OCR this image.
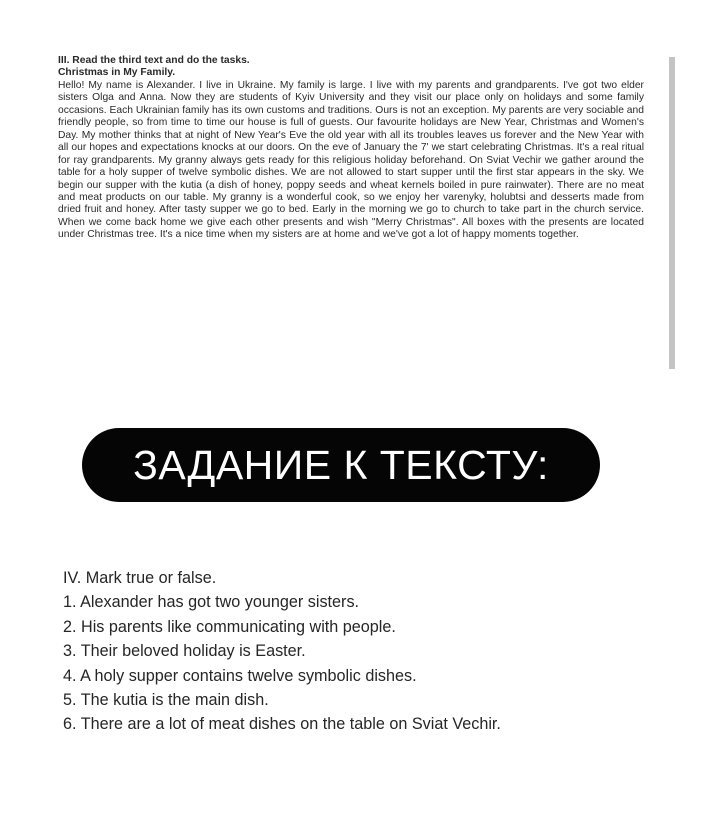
III. Read the third text and do the tasks.

Christmas in My Family.

Hello! My name is Alexander. I live in Ukraine. My family is large. I live with my parents and grandparents. I've got two elder sisters Olga and Anna. Now they are students of Kyiv University and they visit our place only on holidays and some family occasions. Each Ukrainian family has its own customs and traditions. Ours is not an exception. My parents are very sociable and friendly people, so from time to time our house is full of guests. Our favourite holidays are New Year, Christmas and Women's Day. My mother thinks that at night of New Year's Eve the old year with all its troubles leaves us forever and the New Year with all our hopes and expectations knocks at our doors. On the eve of January the 7' we start celebrating Christmas. It's a real ritual for ray grandparents. My granny always gets ready for this religious holiday beforehand. On Sviat Vechir we gather around the table for a holy supper of twelve symbolic dishes. We are not allowed to start supper until the first star appears in the sky. We begin our supper with the kutia (a dish of honey, poppy seeds and wheat kernels boiled in pure rainwater). There are no meat and meat products on our table. My granny is a wonderful cook, so we enjoy her varenyky, holubtsi and desserts made from dried fruit and honey. After tasty supper we go to bed. Early in the morning we go to church to take part in the church service. When we come back home we give each other presents and wish "Merry Christmas". All boxes with the presents are located under Christmas tree. It's a nice time when my sisters are at home and we've got a lot of happy moments together.

ЗАДАНИЕ К ТЕКСТУ:

IV. Mark true or false.

1. Alexander has got two younger sisters.
2. His parents like communicating with people.
3. Their beloved holiday is Easter.
4. A holy supper contains twelve symbolic dishes.
5. The kutia is the main dish.
6. There are a lot of meat dishes on the table on Sviat Vechir.
